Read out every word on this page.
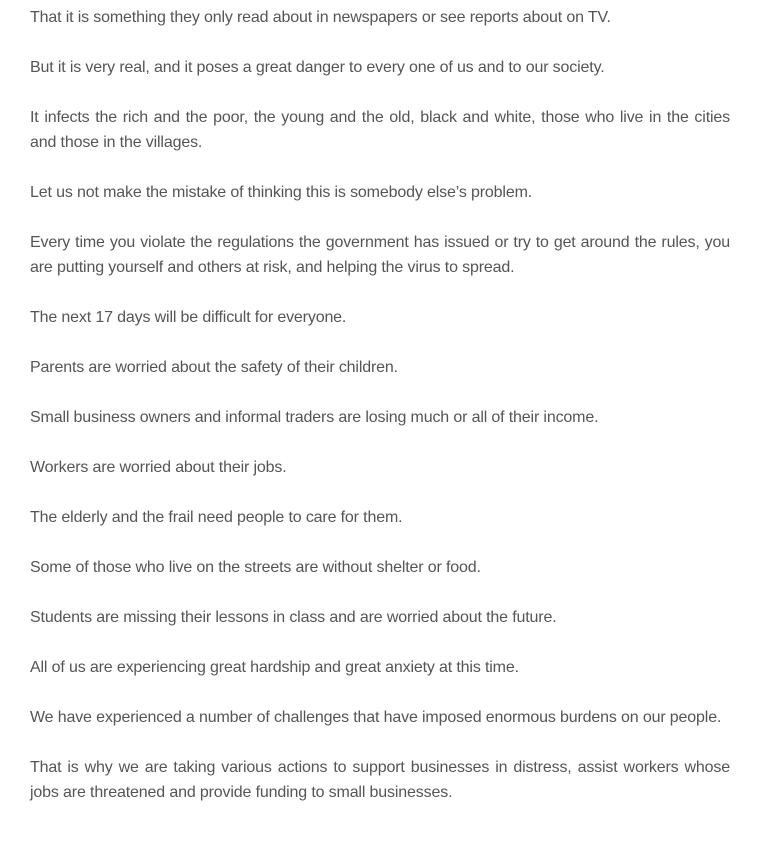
That it is something they only read about in newspapers or see reports about on TV.

But it is very real, and it poses a great danger to every one of us and to our society.

It infects the rich and the poor, the young and the old, black and white, those who live in the cities and those in the villages.

Let us not make the mistake of thinking this is somebody else’s problem.

Every time you violate the regulations the government has issued or try to get around the rules, you are putting yourself and others at risk, and helping the virus to spread.

The next 17 days will be difficult for everyone.

Parents are worried about the safety of their children.

Small business owners and informal traders are losing much or all of their income.

Workers are worried about their jobs.

The elderly and the frail need people to care for them.

Some of those who live on the streets are without shelter or food.

Students are missing their lessons in class and are worried about the future.

All of us are experiencing great hardship and great anxiety at this time.

We have experienced a number of challenges that have imposed enormous burdens on our people.

That is why we are taking various actions to support businesses in distress, assist workers whose jobs are threatened and provide funding to small businesses.
